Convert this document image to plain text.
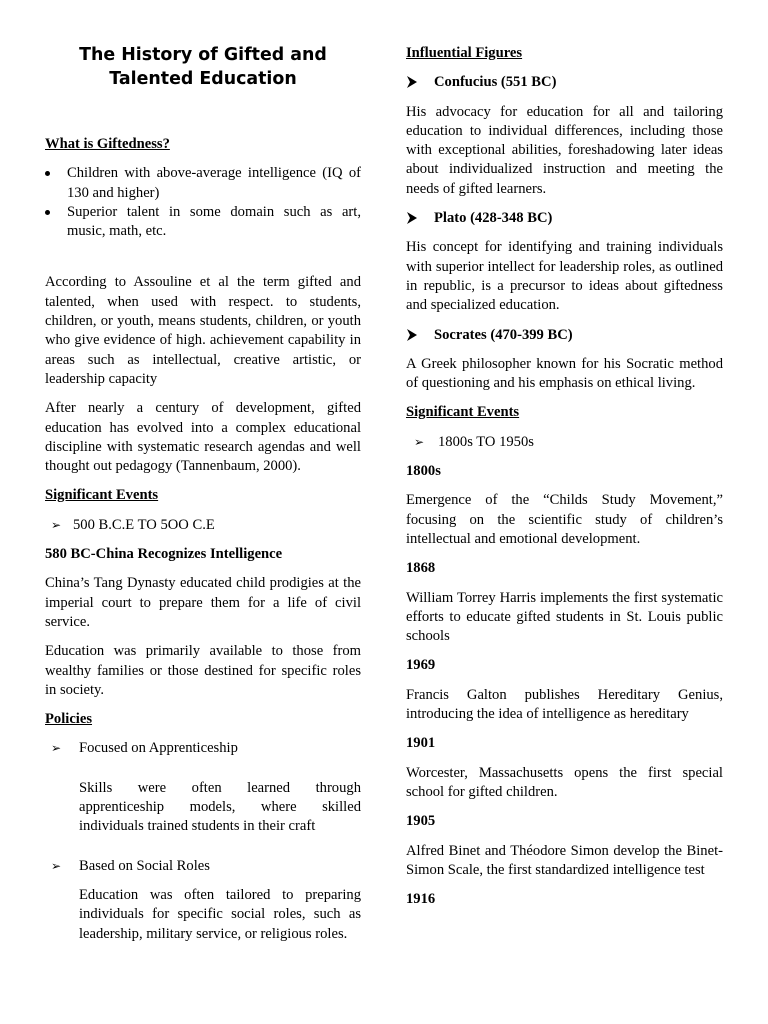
The History of Gifted and
Talented Education

What is Giftedness?

Children with above-average intelligence (IQ of 130 and higher)
Superior talent in some domain such as art, music, math, etc.

According to Assouline et al the term gifted and talented, when used with respect. to students, children, or youth, means students, children, or youth who give evidence of high. achievement capability in areas such as intellectual, creative artistic, or leadership capacity

After nearly a century of development, gifted education has evolved into a complex educational discipline with systematic research agendas and well thought out pedagogy (Tannenbaum, 2000).

Significant Events

➢ 500 B.C.E TO 5OO C.E

580 BC-China Recognizes Intelligence

China’s Tang Dynasty educated child prodigies at the imperial court to prepare them for a life of civil service.

Education was primarily available to those from wealthy families or those destined for specific roles in society.

Policies

➢ Focused on Apprenticeship

Skills were often learned through apprenticeship models, where skilled individuals trained students in their craft

➢ Based on Social Roles

Education was often tailored to preparing individuals for specific social roles, such as leadership, military service, or religious roles.

Influential Figures

Confucius (551 BC)

His advocacy for education for all and tailoring education to individual differences, including those with exceptional abilities, foreshadowing later ideas about individualized instruction and meeting the needs of gifted learners.

Plato (428-348 BC)

His concept for identifying and training individuals with superior intellect for leadership roles, as outlined in republic, is a precursor to ideas about giftedness and specialized education.

Socrates (470-399 BC)

A Greek philosopher known for his Socratic method of questioning and his emphasis on ethical living.

Significant Events

➢ 1800s TO 1950s

1800s

Emergence of the “Childs Study Movement,” focusing on the scientific study of children’s intellectual and emotional development.

1868

William Torrey Harris implements the first systematic efforts to educate gifted students in St. Louis public schools

1969

Francis Galton publishes Hereditary Genius, introducing the idea of intelligence as hereditary

1901

Worcester, Massachusetts opens the first special school for gifted children.

1905

Alfred Binet and Théodore Simon develop the Binet-Simon Scale, the first standardized intelligence test

1916
